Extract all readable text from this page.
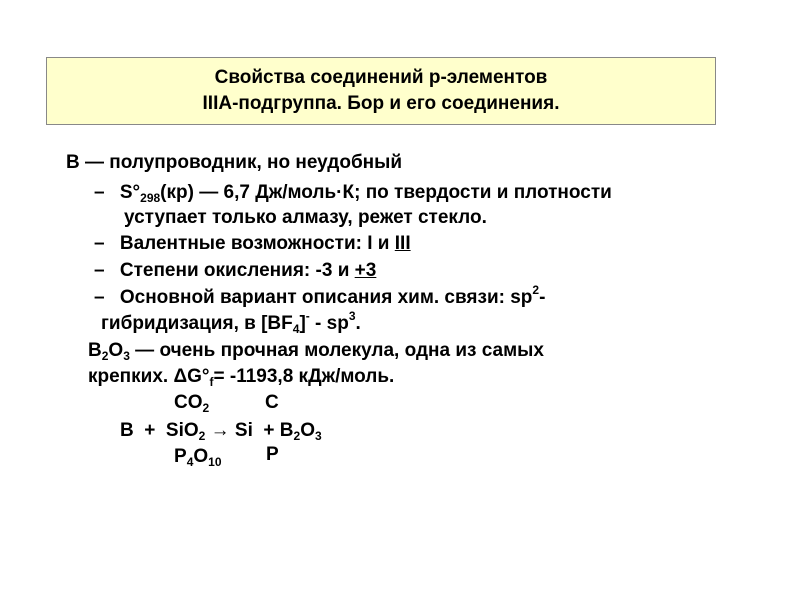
Свойства соединений р-элементов
IIIA-подгруппа. Бор и его соединения.
B — полупроводник, но неудобный
– $S^\circ_{298}(кр)$ — 6,7 Дж/моль·К; по твердости и плотности
уступает только алмазу, режет стекло.
– Валентные возможности: I и III
– Степени окисления: -3 и +3
– Основной вариант описания хим. связи: $sp^2-$
гибридизация, в $[BF_4]^- - sp^3$.
$B_2O_3$ — очень прочная молекула, одна из самых
крепких. $\Delta G^\circ_f= -1193,8$ кДж/моль.
$CO_2$	C
$B + SiO_2 \to Si + B_2O_3$
$P_4O_{10}$ P
